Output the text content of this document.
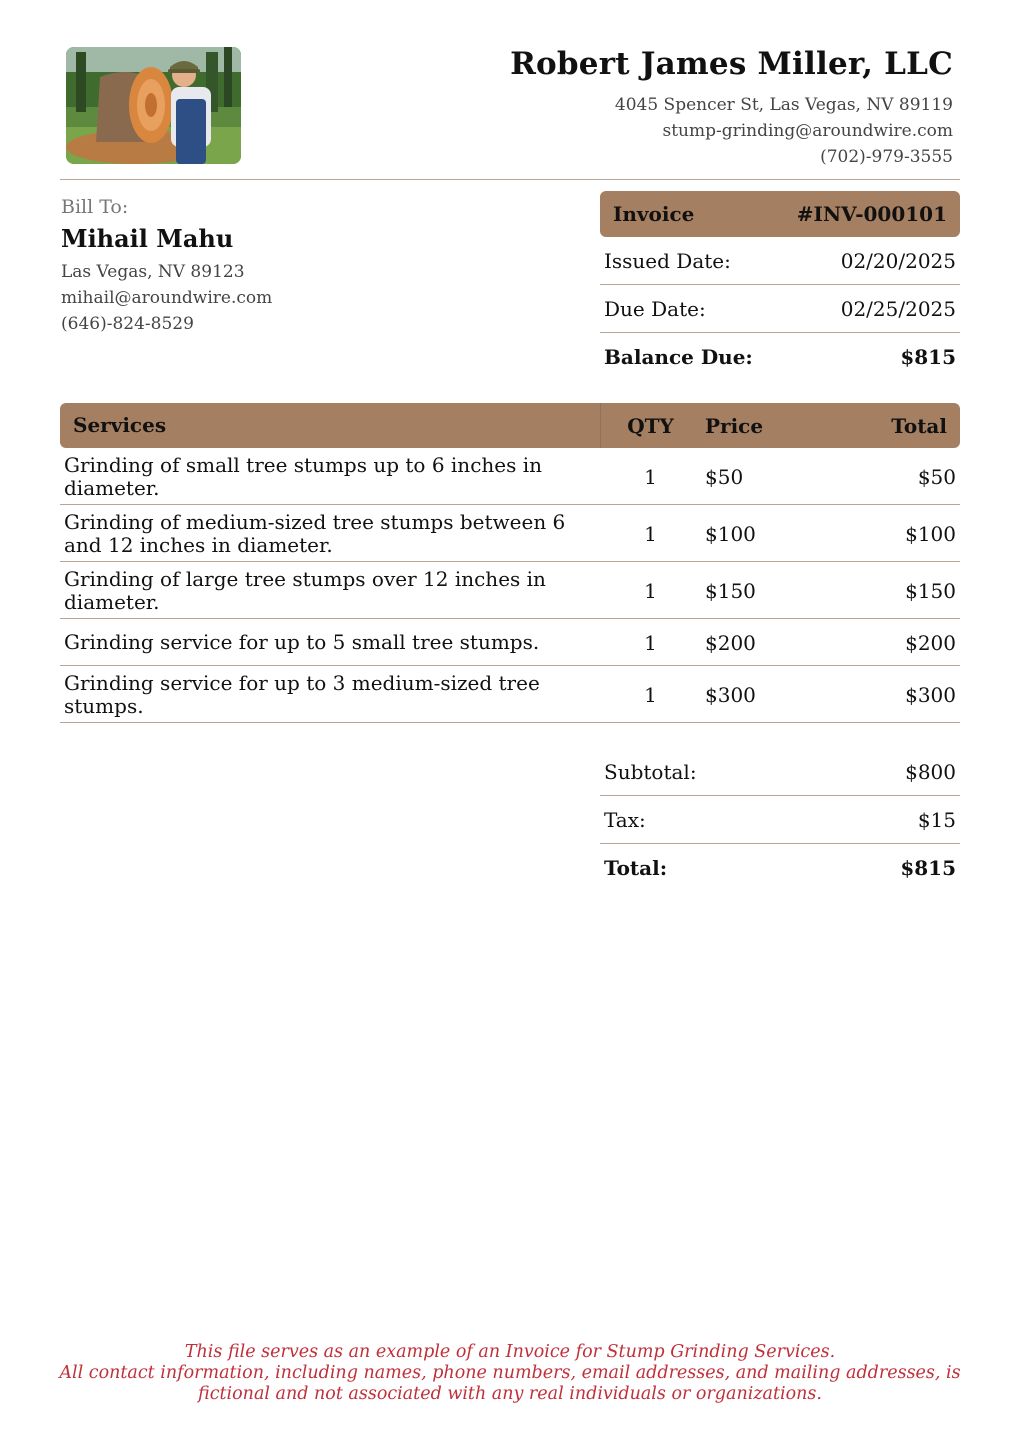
Robert James Miller, LLC
4045 Spencer St, Las Vegas, NV 89119
stump-grinding@aroundwire.com
(702)-979-3555
Bill To:
Mihail Mahu
Las Vegas, NV 89123
mihail@aroundwire.com
(646)-824-8529
Invoice	#INV-000101
Issued Date:	02/20/2025
Due Date:	02/25/2025
Balance Due:	$815
Services	QTY	Price	Total
Grinding of small tree stumps up to 6 inches in diameter.	1	$50	$50
Grinding of medium-sized tree stumps between 6 and 12 inches in diameter.	1	$100	$100
Grinding of large tree stumps over 12 inches in diameter.	1	$150	$150
Grinding service for up to 5 small tree stumps.	1	$200	$200
Grinding service for up to 3 medium-sized tree stumps.	1	$300	$300
Subtotal:	$800
Tax:	$15
Total:	$815
This file serves as an example of an Invoice for Stump Grinding Services.
All contact information, including names, phone numbers, email addresses, and mailing addresses, is
fictional and not associated with any real individuals or organizations.
